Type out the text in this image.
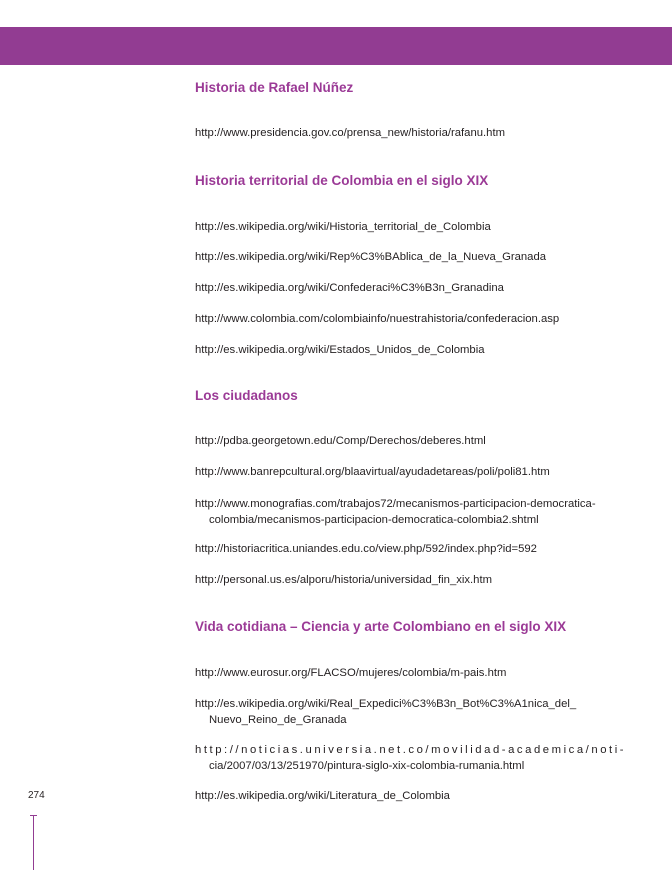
Historia de Rafael Núñez
http://www.presidencia.gov.co/prensa_new/historia/rafanu.htm
Historia territorial de Colombia en el siglo XIX
http://es.wikipedia.org/wiki/Historia_territorial_de_Colombia
http://es.wikipedia.org/wiki/Rep%C3%BAblica_de_la_Nueva_Granada
http://es.wikipedia.org/wiki/Confederaci%C3%B3n_Granadina
http://www.colombia.com/colombiainfo/nuestrahistoria/confederacion.asp
http://es.wikipedia.org/wiki/Estados_Unidos_de_Colombia
Los ciudadanos
http://pdba.georgetown.edu/Comp/Derechos/deberes.html
http://www.banrepcultural.org/blaavirtual/ayudadetareas/poli/poli81.htm
http://www.monografias.com/trabajos72/mecanismos-participacion-democratica-
colombia/mecanismos-participacion-democratica-colombia2.shtml
http://historiacritica.uniandes.edu.co/view.php/592/index.php?id=592
http://personal.us.es/alporu/historia/universidad_fin_xix.htm
Vida cotidiana – Ciencia y arte Colombiano en el siglo XIX
http://www.eurosur.org/FLACSO/mujeres/colombia/m-pais.htm
http://es.wikipedia.org/wiki/Real_Expedici%C3%B3n_Bot%C3%A1nica_del_
Nuevo_Reino_de_Granada
http://noticias.universia.net.co/movilidad-academica/noti-
cia/2007/03/13/251970/pintura-siglo-xix-colombia-rumania.html
http://es.wikipedia.org/wiki/Literatura_de_Colombia
274
